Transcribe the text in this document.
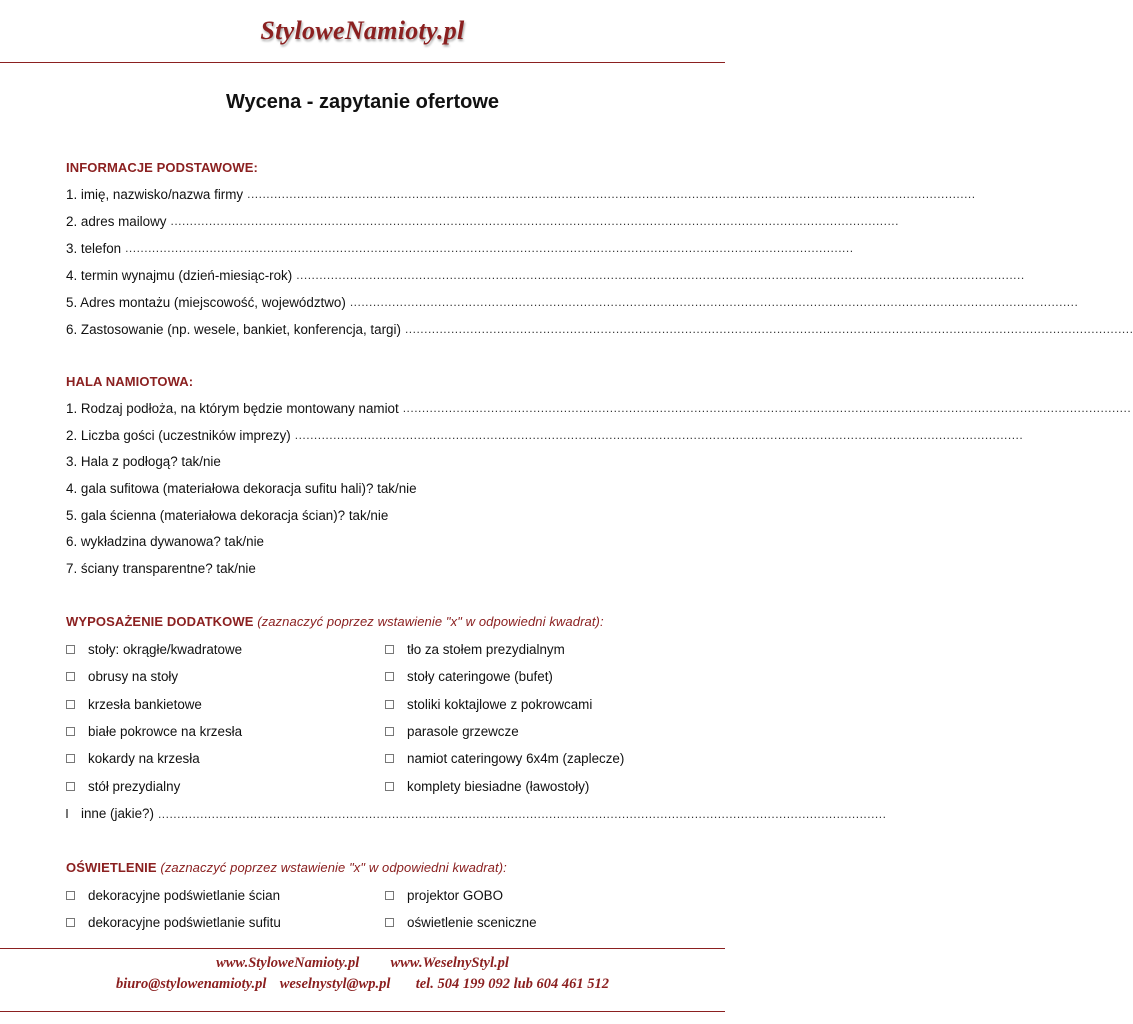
StyloweNamioty.pl
Wycena - zapytanie ofertowe
INFORMACJE PODSTAWOWE:
1. imię, nazwisko/nazwa firmy ..............................................................................................................................................................................................
2. adres mailowy ..............................................................................................................................................................................................
3. telefon ..............................................................................................................................................................................................
4. termin wynajmu (dzień-miesiąc-rok) ..............................................................................................................................................................................................
5. Adres montażu (miejscowość, województwo) ..............................................................................................................................................................................................
6. Zastosowanie (np. wesele, bankiet, konferencja, targi) ..............................................................................................................................................................................................
HALA NAMIOTOWA:
1. Rodzaj podłoża, na którym będzie montowany namiot ..............................................................................................................................................................................................
2. Liczba gości (uczestników imprezy) ..............................................................................................................................................................................................
3. Hala z podłogą? tak/nie
4. gala sufitowa (materiałowa dekoracja sufitu hali)? tak/nie
5. gala ścienna (materiałowa dekoracja ścian)? tak/nie
6. wykładzina dywanowa? tak/nie
7. ściany transparentne? tak/nie
WYPOSAŻENIE DODATKOWE (zaznaczyć poprzez wstawienie "x" w odpowiedni kwadrat):
stoły: okrągłe/kwadratowe
obrusy na stoły
krzesła bankietowe
białe pokrowce na krzesła
kokardy na krzesła
stół prezydialny
tło za stołem prezydialnym
stoły cateringowe (bufet)
stoliki koktajlowe z pokrowcami
parasole grzewcze
namiot cateringowy 6x4m (zaplecze)
komplety biesiadne (ławostoły)
inne (jakie?) ..............................................................................................................................................................................................
OŚWIETLENIE (zaznaczyć poprzez wstawienie "x" w odpowiedni kwadrat):
dekoracyjne podświetlanie ścian
dekoracyjne podświetlanie sufitu
projektor GOBO
oświetlenie sceniczne
www.StyloweNamioty.pl www.WeselnyStyl.pl
biuro@stylowenamioty.pl weselnystyl@wp.pl tel. 504 199 092 lub 604 461 512
